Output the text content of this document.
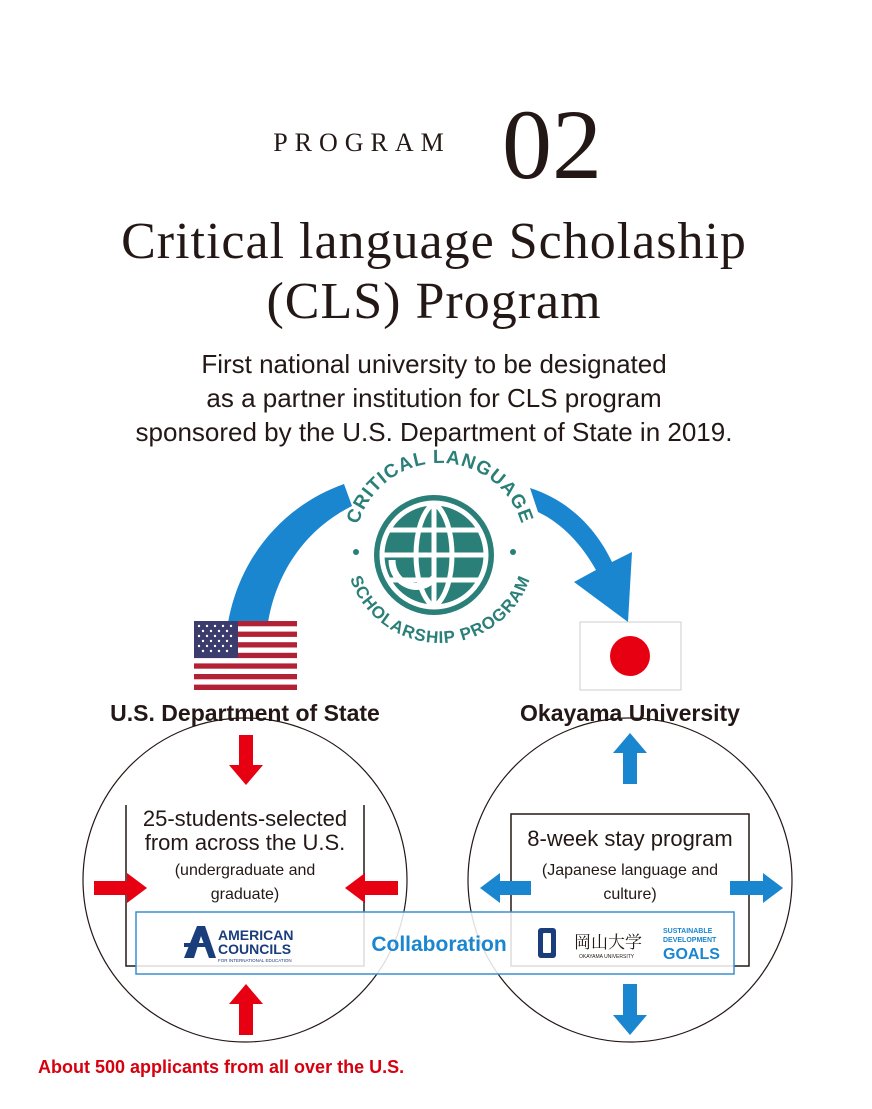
PROGRAM 02
Critical language Scholaship
(CLS) Program
First national university to be designated
as a partner institution for CLS program
sponsored by the U.S. Department of State in 2019.
CRITICAL LANGUAGE
SCHOLARSHIP PROGRAM
U.S. Department of State	Okayama University
25-students-selected
from across the U.S.
(undergraduate and
graduate)
8-week stay program
(Japanese language and
culture)
Collaboration
AMERICAN
COUNCILS
FOR INTERNATIONAL EDUCATION
岡山大学
OKAYAMA UNIVERSITY
SUSTAINABLE
DEVELOPMENT
GOALS
About 500 applicants from all over the U.S.
